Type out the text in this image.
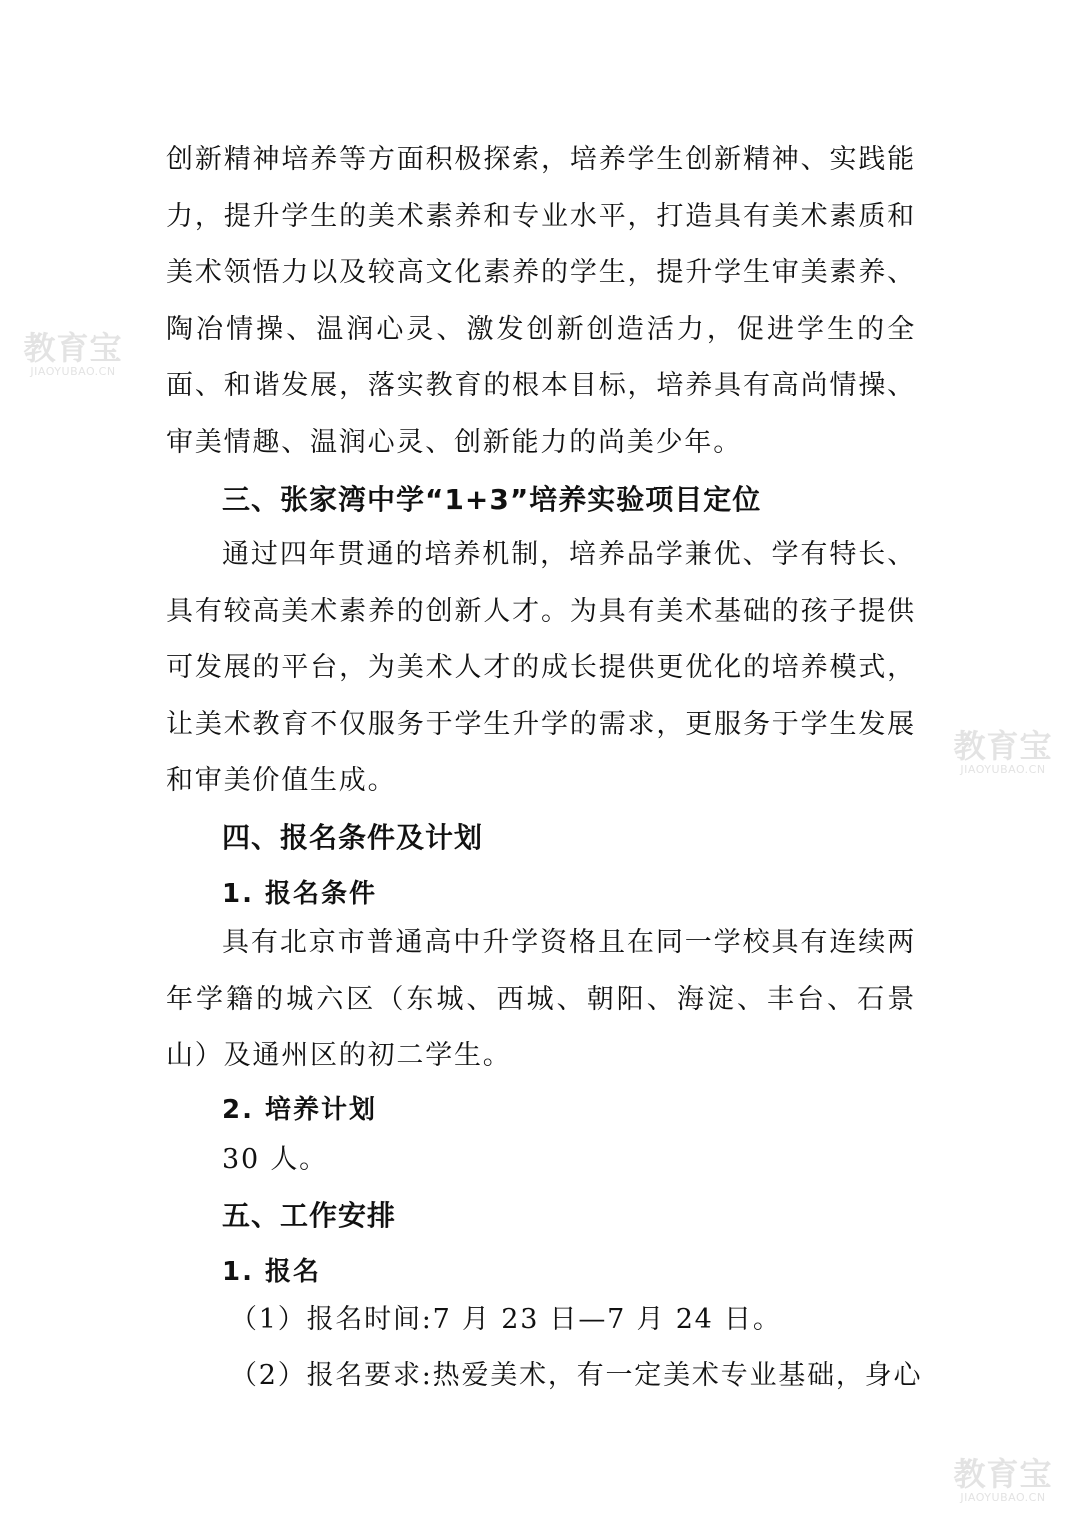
创新精神培养等方面积极探索，培养学生创新精神、实践能力，提升学生的美术素养和专业水平，打造具有美术素质和美术领悟力以及较高文化素养的学生，提升学生审美素养、陶冶情操、温润心灵、激发创新创造活力，促进学生的全面、和谐发展，落实教育的根本目标，培养具有高尚情操、审美情趣、温润心灵、创新能力的尚美少年。

三、张家湾中学“1+3”培养实验项目定位

通过四年贯通的培养机制，培养品学兼优、学有特长、具有较高美术素养的创新人才。为具有美术基础的孩子提供可发展的平台，为美术人才的成长提供更优化的培养模式，让美术教育不仅服务于学生升学的需求，更服务于学生发展和审美价值生成。

四、报名条件及计划
1. 报名条件

具有北京市普通高中升学资格且在同一学校具有连续两年学籍的城六区（东城、西城、朝阳、海淀、丰台、石景山）及通州区的初二学生。

2. 培养计划

30 人。

五、工作安排
1. 报名

（1）报名时间:7 月 23 日—7 月 24 日。

（2）报名要求:热爱美术，有一定美术专业基础，身心

教育宝
JIAOYUBAO.CN
教育宝
JIAOYUBAO.CN
教育宝
JIAOYUBAO.CN
